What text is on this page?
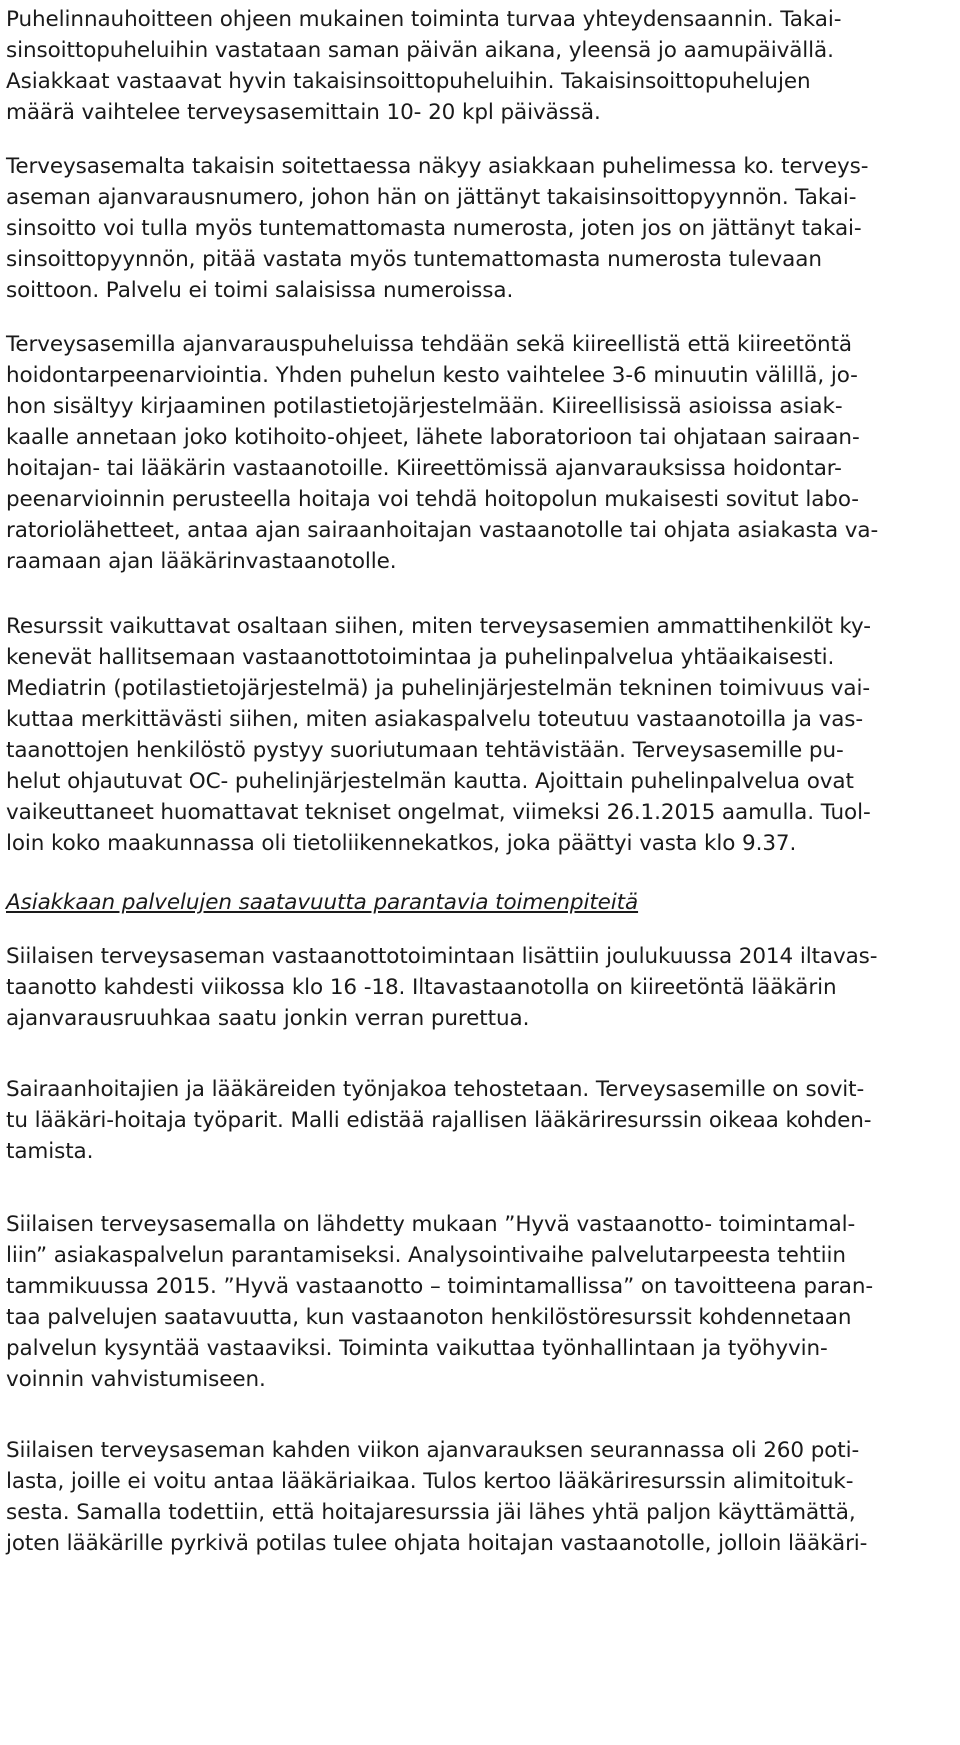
Puhelinnauhoitteen ohjeen mukainen toiminta turvaa yhteydensaannin. Takai-
sinsoittopuheluihin vastataan saman päivän aikana, yleensä jo aamupäivällä.
Asiakkaat vastaavat hyvin takaisinsoittopuheluihin. Takaisinsoittopuhelujen
määrä vaihtelee terveysasemittain 10- 20 kpl päivässä.
Terveysasemalta takaisin soitettaessa näkyy asiakkaan puhelimessa ko. terveys-
aseman ajanvarausnumero, johon hän on jättänyt takaisinsoittopyynnön. Takai-
sinsoitto voi tulla myös tuntemattomasta numerosta, joten jos on jättänyt takai-
sinsoittopyynnön, pitää vastata myös tuntemattomasta numerosta tulevaan
soittoon. Palvelu ei toimi salaisissa numeroissa.
Terveysasemilla ajanvarauspuheluissa tehdään sekä kiireellistä että kiireetöntä
hoidontarpeenarviointia. Yhden puhelun kesto vaihtelee 3-6 minuutin välillä, jo-
hon sisältyy kirjaaminen potilastietojärjestelmään. Kiireellisissä asioissa asiak-
kaalle annetaan joko kotihoito-ohjeet, lähete laboratorioon tai ohjataan sairaan-
hoitajan- tai lääkärin vastaanotoille. Kiireettömissä ajanvarauksissa hoidontar-
peenarvioinnin perusteella hoitaja voi tehdä hoitopolun mukaisesti sovitut labo-
ratoriolähetteet, antaa ajan sairaanhoitajan vastaanotolle tai ohjata asiakasta va-
raamaan ajan lääkärinvastaanotolle.
Resurssit vaikuttavat osaltaan siihen, miten terveysasemien ammattihenkilöt ky-
kenevät hallitsemaan vastaanottotoimintaa ja puhelinpalvelua yhtäaikaisesti.
Mediatrin (potilastietojärjestelmä) ja puhelinjärjestelmän tekninen toimivuus vai-
kuttaa merkittävästi siihen, miten asiakaspalvelu toteutuu vastaanotoilla ja vas-
taanottojen henkilöstö pystyy suoriutumaan tehtävistään. Terveysasemille pu-
helut ohjautuvat OC- puhelinjärjestelmän kautta. Ajoittain puhelinpalvelua ovat
vaikeuttaneet huomattavat tekniset ongelmat, viimeksi 26.1.2015 aamulla. Tuol-
loin koko maakunnassa oli tietoliikennekatkos, joka päättyi vasta klo 9.37.
Asiakkaan palvelujen saatavuutta parantavia toimenpiteitä
Siilaisen terveysaseman vastaanottotoimintaan lisättiin joulukuussa 2014 iltavas-
taanotto kahdesti viikossa klo 16 -18. Iltavastaanotolla on kiireetöntä lääkärin
ajanvarausruuhkaa saatu jonkin verran purettua.
Sairaanhoitajien ja lääkäreiden työnjakoa tehostetaan. Terveysasemille on sovit-
tu lääkäri-hoitaja työparit. Malli edistää rajallisen lääkäriresurssin oikeaa kohden-
tamista.
Siilaisen terveysasemalla on lähdetty mukaan ”Hyvä vastaanotto- toimintamal-
liin” asiakaspalvelun parantamiseksi. Analysointivaihe palvelutarpeesta tehtiin
tammikuussa 2015. ”Hyvä vastaanotto – toimintamallissa” on tavoitteena paran-
taa palvelujen saatavuutta, kun vastaanoton henkilöstöresurssit kohdennetaan
palvelun kysyntää vastaaviksi. Toiminta vaikuttaa työnhallintaan ja työhyvin-
voinnin vahvistumiseen.
Siilaisen terveysaseman kahden viikon ajanvarauksen seurannassa oli 260 poti-
lasta, joille ei voitu antaa lääkäriaikaa. Tulos kertoo lääkäriresurssin alimitoituk-
sesta. Samalla todettiin, että hoitajaresurssia jäi lähes yhtä paljon käyttämättä,
joten lääkärille pyrkivä potilas tulee ohjata hoitajan vastaanotolle, jolloin lääkäri-
